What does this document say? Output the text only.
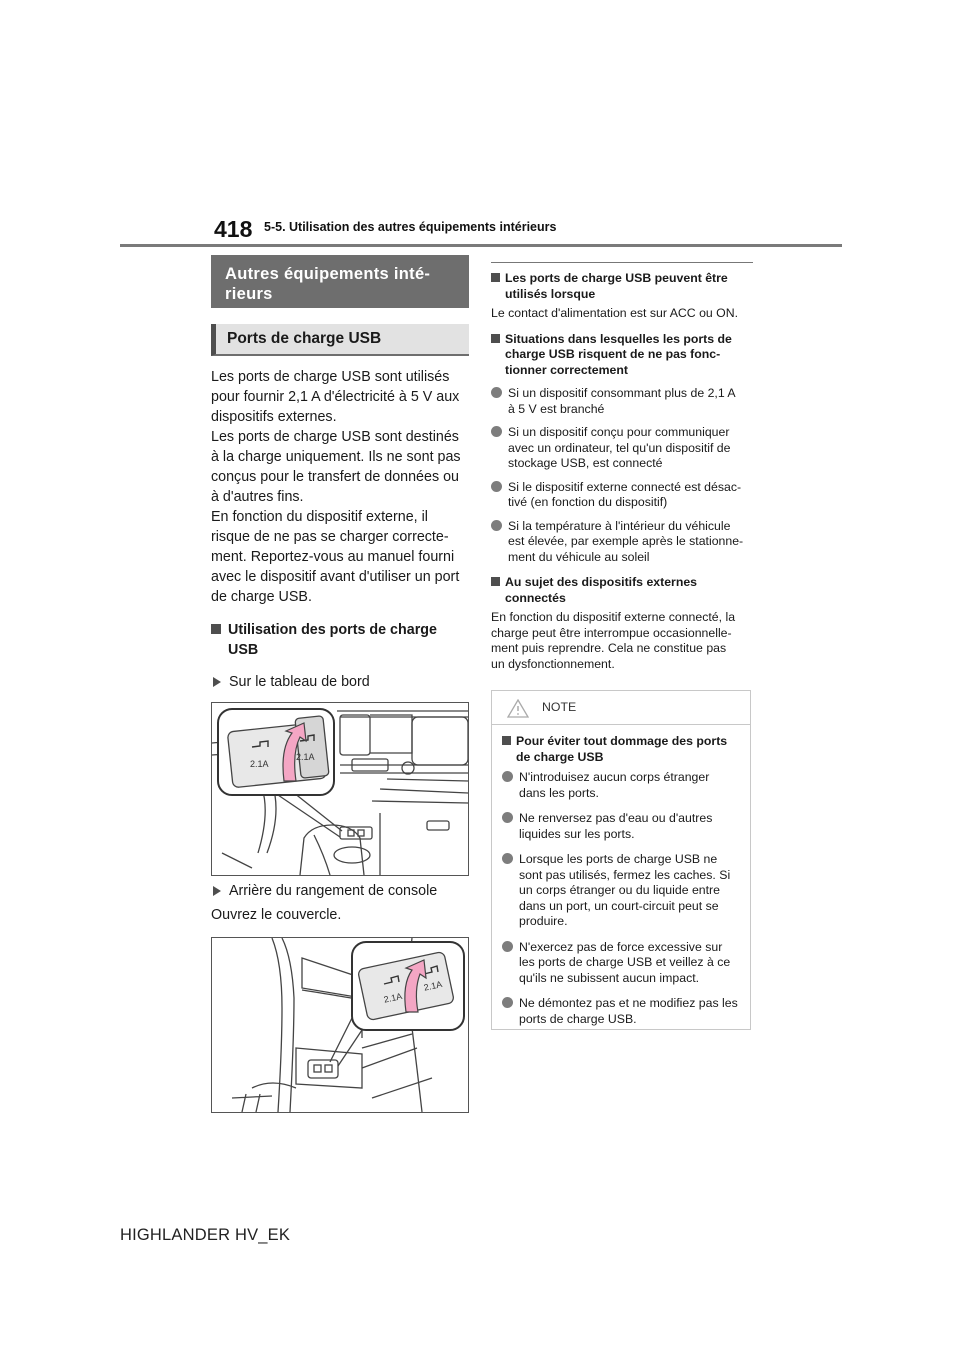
418 5-5. Utilisation des autres équipements intérieurs
Autres équipements inté-
rieurs
Ports de charge USB
Les ports de charge USB sont utilisés
pour fournir 2,1 A d'électricité à 5 V aux
dispositifs externes.
Les ports de charge USB sont destinés
à la charge uniquement. Ils ne sont pas
conçus pour le transfert de données ou
à d'autres fins.
En fonction du dispositif externe, il
risque de ne pas se charger correcte-
ment. Reportez-vous au manuel fourni
avec le dispositif avant d'utiliser un port
de charge USB.
Utilisation des ports de charge
USB
Sur le tableau de bord
2.1A
2.1A
Arrière du rangement de console
Ouvrez le couvercle.
2.1A
2.1A
Les ports de charge USB peuvent être
utilisés lorsque
Le contact d'alimentation est sur ACC ou ON.
Situations dans lesquelles les ports de
charge USB risquent de ne pas fonc-
tionner correctement
Si un dispositif consommant plus de 2,1 A
à 5 V est branché
Si un dispositif conçu pour communiquer
avec un ordinateur, tel qu'un dispositif de
stockage USB, est connecté
Si le dispositif externe connecté est désac-
tivé (en fonction du dispositif)
Si la température à l'intérieur du véhicule
est élevée, par exemple après le stationne-
ment du véhicule au soleil
Au sujet des dispositifs externes
connectés
En fonction du dispositif externe connecté, la
charge peut être interrompue occasionnelle-
ment puis reprendre. Cela ne constitue pas
un dysfonctionnement.
NOTE
Pour éviter tout dommage des ports
de charge USB
N'introduisez aucun corps étranger
dans les ports.
Ne renversez pas d'eau ou d'autres
liquides sur les ports.
Lorsque les ports de charge USB ne
sont pas utilisés, fermez les caches. Si
un corps étranger ou du liquide entre
dans un port, un court-circuit peut se
produire.
N'exercez pas de force excessive sur
les ports de charge USB et veillez à ce
qu'ils ne subissent aucun impact.
Ne démontez pas et ne modifiez pas les
ports de charge USB.
HIGHLANDER HV_EK
